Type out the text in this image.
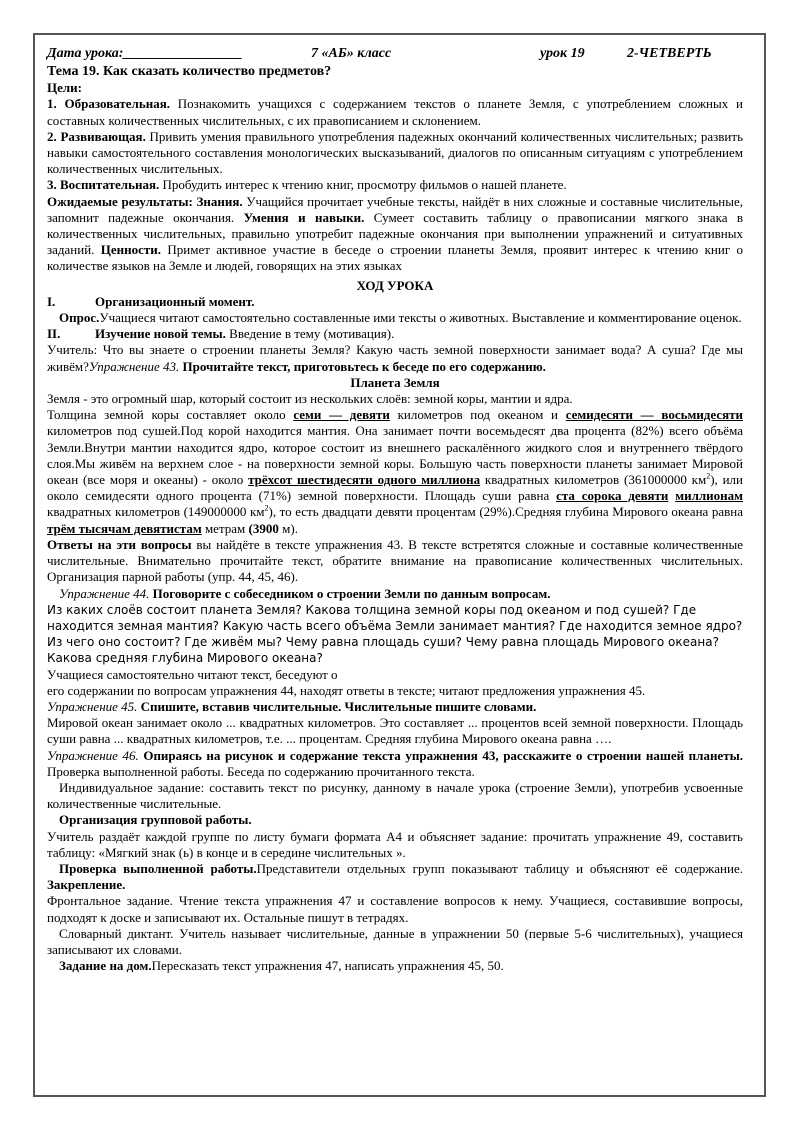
Дата урока:_________________	7 «АБ» класс	урок 19	2-ЧЕТВЕРТЬ

Тема 19. Как сказать количество предметов?

Цели:

1. Образовательная. Познакомить учащихся с содержанием текстов о планете Земля, с употреблением сложных и составных количественных числительных, с их правописанием и склонением.

2. Развивающая. Привить умения правильного употребления падежных окончаний количественных числительных; развить навыки самостоятельного составления монологических высказываний, диалогов по описанным ситуациям с употреблением количественных числительных.

3. Воспитательная. Пробудить интерес к чтению книг, просмотру фильмов о нашей планете.

Ожидаемые результаты: Знания. Учащийся прочитает учебные тексты, найдёт в них сложные и составные числительные, запомнит падежные окончания. Умения и навыки. Сумеет составить таблицу о правописании мягкого знака в количественных числительных, правильно употребит падежные окончания при выполнении упражнений и ситуативных заданий. Ценности. Примет активное участие в беседе о строении планеты Земля, проявит интерес к чтению книг о количестве языков на Земле и людей, говорящих на этих языках

ХОД УРОКА

I.	Организационный момент.

Опрос.Учащиеся читают самостоятельно составленные ими тексты о животных. Выставление и комментирование оценок.

II.	Изучение новой темы. Введение в тему (мотивация).

Учитель: Что вы знаете о строении планеты Земля? Какую часть земной поверхности занимает вода? А суша? Где мы живём?Упражнение 43. Прочитайте текст, приготовьтесь к беседе по его содержанию.

Планета Земля

Земля - это огромный шар, который состоит из нескольких слоёв: земной коры, мантии и ядра.

Толщина земной коры составляет около семи — девяти километров под океаном и семидесяти — восьмидесяти километров под сушей.Под корой находится мантия. Она занимает почти восемьдесят два процента (82%) всего объёма Земли.Внутри мантии находится ядро, которое состоит из внешнего раскалённого жидкого слоя и внутреннего твёрдого слоя.Мы живём на верхнем слое - на поверхности земной коры. Большую часть поверхности планеты занимает Мировой океан (все моря и океаны) - около трёхсот шестидесяти одного миллиона квадратных километров (361000000 $км^2$), или около семидесяти одного процента (71%) земной поверхности. Площадь суши равна ста сорока девяти миллионам квадратных километров (149000000 $км^2$), то есть двадцати девяти процентам (29%).Средняя глубина Мирового океана равна трём тысячам девятистам метрам (3900 м).

Ответы на эти вопросы вы найдёте в тексте упражнения 43. В тексте встретятся сложные и составные количественные числительные. Внимательно прочитайте текст, обратите внимание на правописание количественных числительных. Организация парной работы (упр. 44, 45, 46).

Упражнение 44. Поговорите с собеседником о строении Земли по данным вопросам.

Из каких слоёв состоит планета Земля? Какова толщина земной коры под океаном и под сушей? Где находится земная мантия? Какую часть всего объёма Земли занимает мантия? Где находится земное ядро? Из чего оно состоит? Где живём мы? Чему равна площадь суши? Чему равна площадь Мирового океана? Какова средняя глубина Мирового океана?

Учащиеся самостоятельно читают текст, беседуют о

его содержании по вопросам упражнения 44, находят ответы в тексте; читают предложения упражнения 45.

Упражнение 45. Спишите, вставив числительные. Числительные пишите словами.

Мировой океан занимает около ... квадратных километров. Это составляет ... процентов всей земной поверхности. Площадь суши равна ... квадратных километров, т.е. ... процентам. Средняя глубина Мирового океана равна ….

Упражнение 46. Опираясь на рисунок и содержание текста упражнения 43, расскажите о строении нашей планеты. Проверка выполненной работы. Беседа по содержанию прочитанного текста.

Индивидуальное задание: составить текст по рисунку, данному в начале урока (строение Земли), употребив усвоенные количественные числительные.

Организация групповой работы.

Учитель раздаёт каждой группе по листу бумаги формата А4 и объясняет задание: прочитать упражнение 49, составить таблицу: «Мягкий знак (ь) в конце и в середине числительных ».

Проверка выполненной работы.Представители отдельных групп показывают таблицу и объясняют её содержание. Закрепление.

Фронтальное задание. Чтение текста упражнения 47 и составление вопросов к нему. Учащиеся, составившие вопросы, подходят к доске и записывают их. Остальные пишут в тетрадях.

Словарный диктант. Учитель называет числительные, данные в упражнении 50 (первые 5-6 числительных), учащиеся записывают их словами.

Задание на дом.Пересказать текст упражнения 47, написать упражнения 45, 50.
